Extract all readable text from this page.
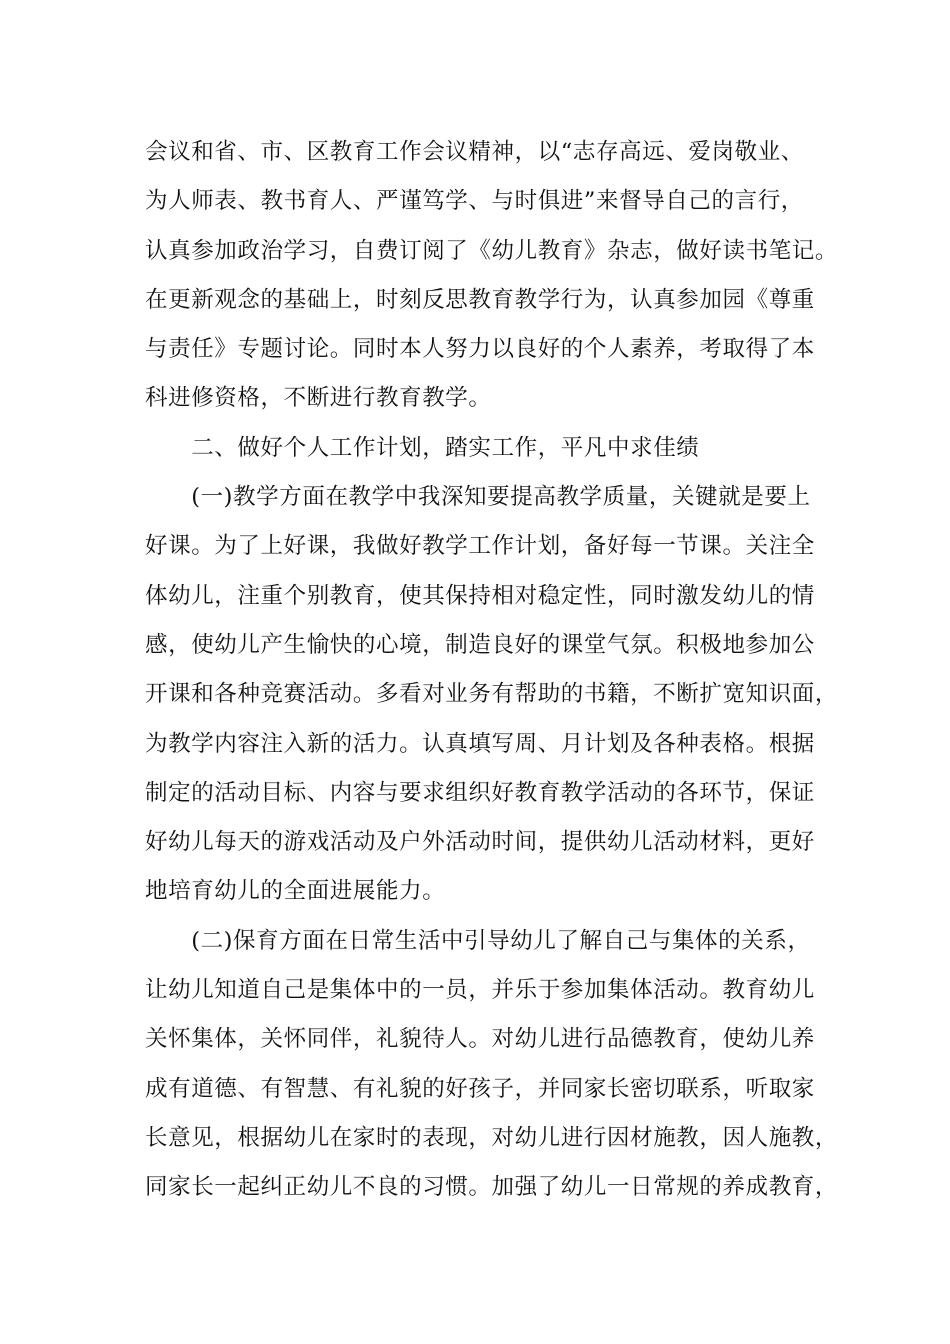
会议和省、市、区教育工作会议精神，以“志存高远、爱岗敬业、
为人师表、教书育人、严谨笃学、与时俱进”来督导自己的言行，
认真参加政治学习，自费订阅了《幼儿教育》杂志，做好读书笔记。
在更新观念的基础上，时刻反思教育教学行为，认真参加园《尊重
与责任》专题讨论。同时本人努力以良好的个人素养，考取得了本
科进修资格，不断进行教育教学。
　　二、做好个人工作计划，踏实工作，平凡中求佳绩
　　(一)教学方面在教学中我深知要提高教学质量，关键就是要上
好课。为了上好课，我做好教学工作计划，备好每一节课。关注全
体幼儿，注重个别教育，使其保持相对稳定性，同时激发幼儿的情
感，使幼儿产生愉快的心境，制造良好的课堂气氛。积极地参加公
开课和各种竞赛活动。多看对业务有帮助的书籍，不断扩宽知识面，
为教学内容注入新的活力。认真填写周、月计划及各种表格。根据
制定的活动目标、内容与要求组织好教育教学活动的各环节，保证
好幼儿每天的游戏活动及户外活动时间，提供幼儿活动材料，更好
地培育幼儿的全面进展能力。
　　(二)保育方面在日常生活中引导幼儿了解自己与集体的关系，
让幼儿知道自己是集体中的一员，并乐于参加集体活动。教育幼儿
关怀集体，关怀同伴，礼貌待人。对幼儿进行品德教育，使幼儿养
成有道德、有智慧、有礼貌的好孩子，并同家长密切联系，听取家
长意见，根据幼儿在家时的表现，对幼儿进行因材施教，因人施教，
同家长一起纠正幼儿不良的习惯。加强了幼儿一日常规的养成教育，
